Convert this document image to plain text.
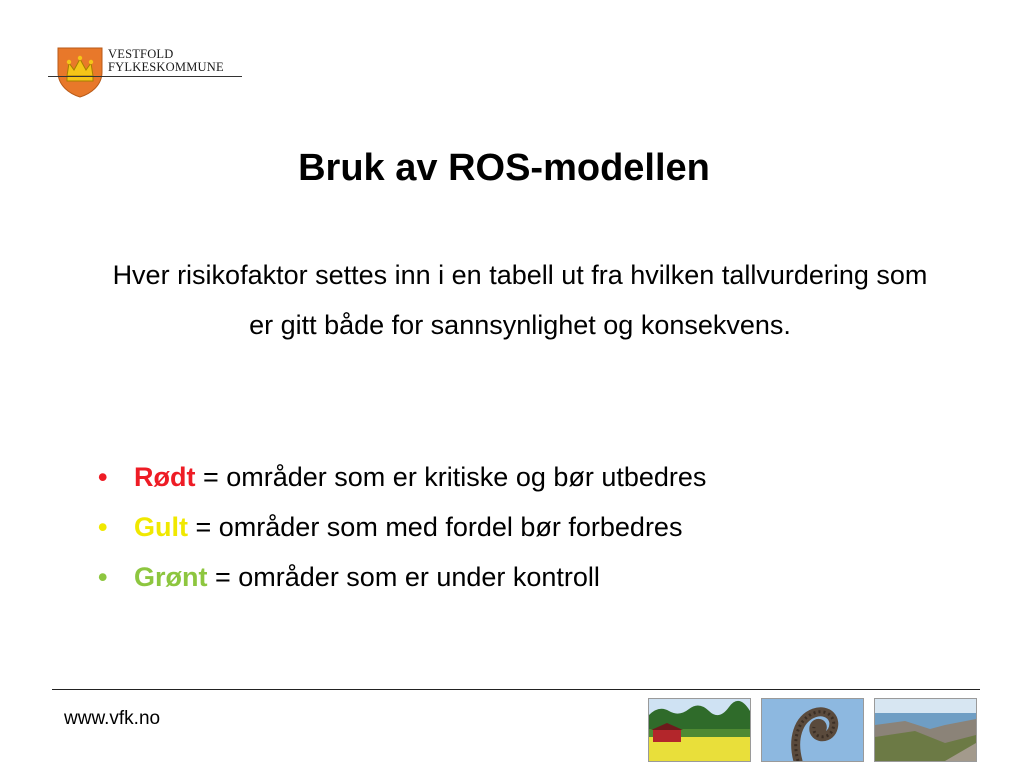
VESTFOLD
FYLKESKOMMUNE
Bruk av ROS-modellen
Hver risikofaktor settes inn i en tabell ut fra hvilken tallvurdering som er gitt både for sannsynlighet og konsekvens.
• Rødt = områder som er kritiske og bør utbedres
• Gult = områder som med fordel bør forbedres
• Grønt = områder som er under kontroll
www.vfk.no
